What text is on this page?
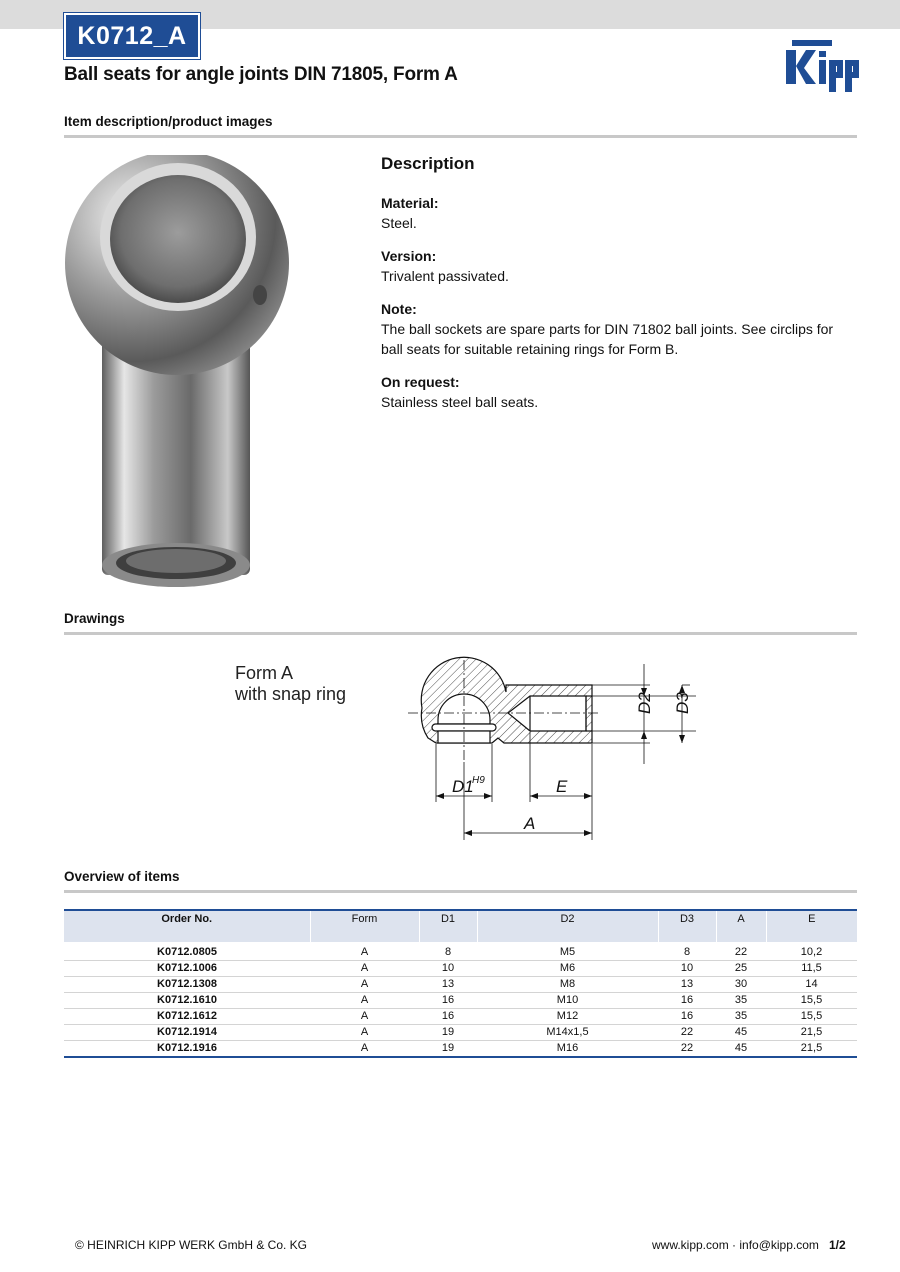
K0712_A
Ball seats for angle joints DIN 71805, Form A
Item description/product images
Description
Material:
Steel.
Version:
Trivalent passivated.
Note:
The ball sockets are spare parts for DIN 71802 ball joints. See circlips for ball seats for suitable retaining rings for Form B.
On request:
Stainless steel ball seats.
Drawings
Form A
with snap ring	D2 D3
D1
H9	E
A
Overview of items
Order No.	Form	D1	D2	D3	A	E

K0712.0805	A	8	M5	8	22	10,2
K0712.1006	A	10	M6	10	25	11,5
K0712.1308	A	13	M8	13	30	14
K0712.1610	A	16	M10	16	35	15,5
K0712.1612	A	16	M12	16	35	15,5
K0712.1914	A	19	M14x1,5	22	45	21,5
K0712.1916	A	19	M16	22	45	21,5
© HEINRICH KIPP WERK GmbH & Co. KG	www.kipp.com · info@kipp.com 1/2
